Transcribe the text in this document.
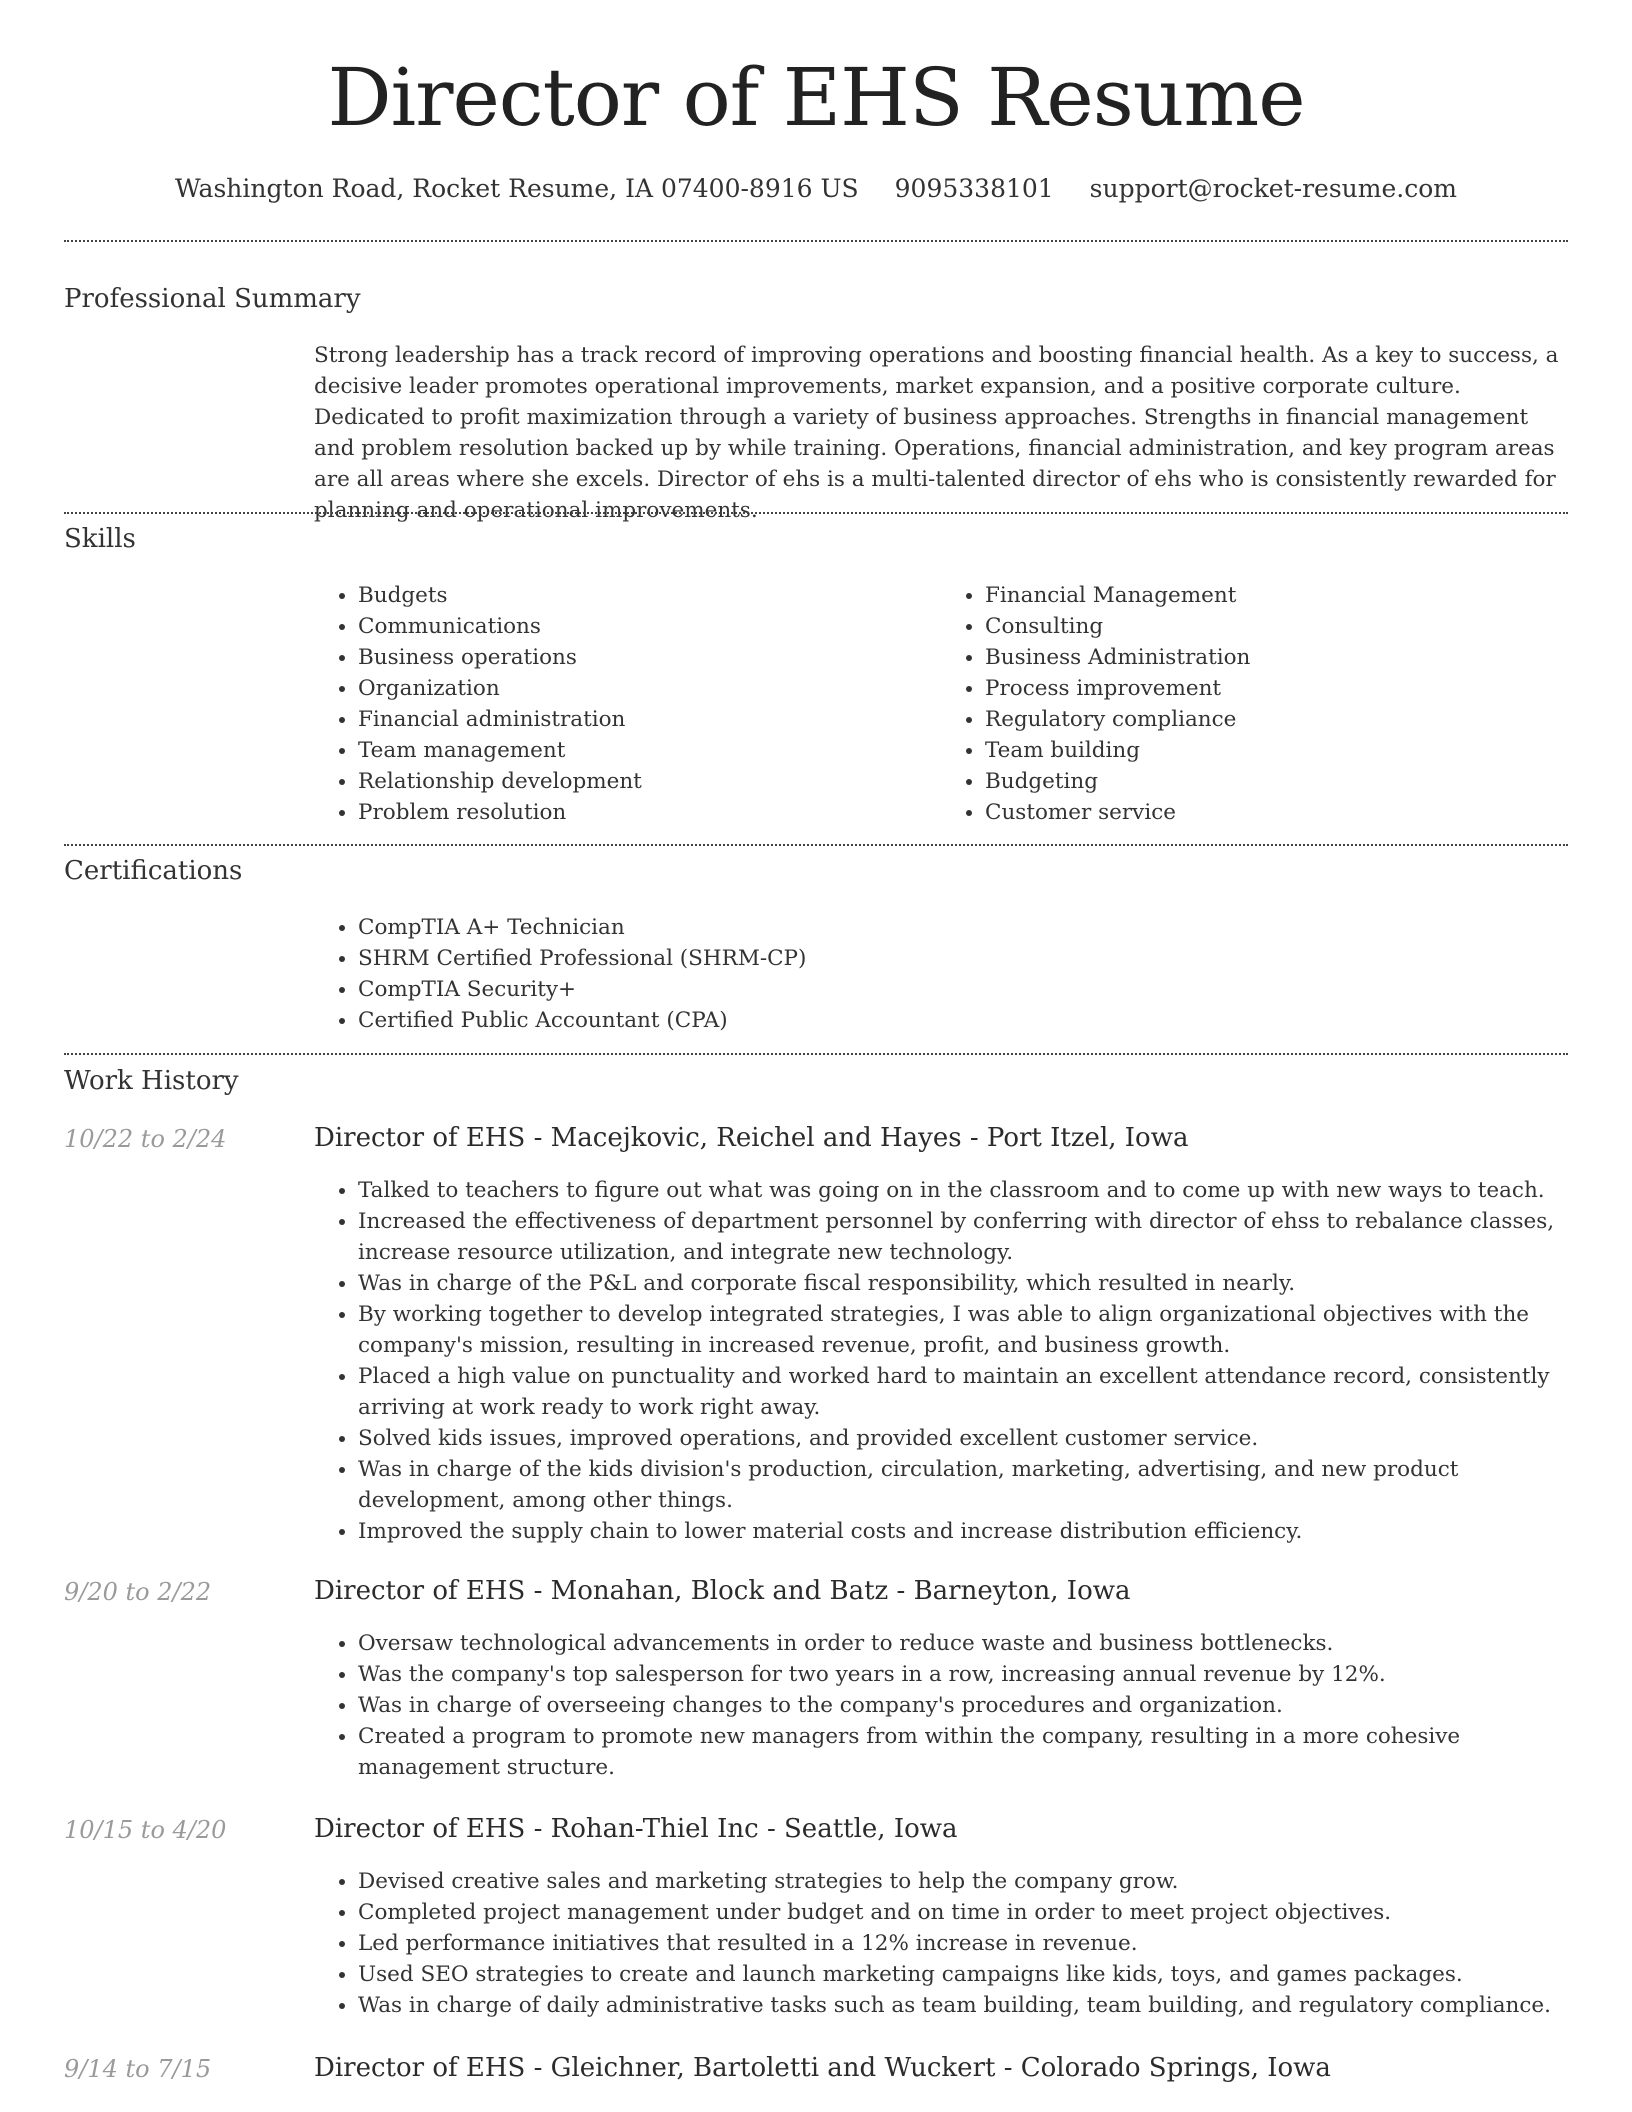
Director of EHS Resume
Washington Road, Rocket Resume, IA 07400-8916 US 9095338101 support@rocket-resume.com
Professional Summary

Strong leadership has a track record of improving operations and boosting financial health. As a key to success, a decisive leader promotes operational improvements, market expansion, and a positive corporate culture. Dedicated to profit maximization through a variety of business approaches. Strengths in financial management and problem resolution backed up by while training. Operations, financial administration, and key program areas are all areas where she excels. Director of ehs is a multi-talented director of ehs who is consistently rewarded for planning and operational improvements.

Skills
• Budgets
• Communications
• Business operations
• Organization
• Financial administration
• Team management
• Relationship development
• Problem resolution
• Financial Management
• Consulting
• Business Administration
• Process improvement
• Regulatory compliance
• Team building
• Budgeting
• Customer service
Certifications
• CompTIA A+ Technician
• SHRM Certified Professional (SHRM-CP)
• CompTIA Security+
• Certified Public Accountant (CPA)
Work History
10/22 to 2/24	Director of EHS - Macejkovic, Reichel and Hayes - Port Itzel, Iowa
• Talked to teachers to figure out what was going on in the classroom and to come up with new ways to teach.
• Increased the effectiveness of department personnel by conferring with director of ehss to rebalance classes, increase resource utilization, and integrate new technology.
• Was in charge of the P&L and corporate fiscal responsibility, which resulted in nearly.
• By working together to develop integrated strategies, I was able to align organizational objectives with the company's mission, resulting in increased revenue, profit, and business growth.
• Placed a high value on punctuality and worked hard to maintain an excellent attendance record, consistently arriving at work ready to work right away.
• Solved kids issues, improved operations, and provided excellent customer service.
• Was in charge of the kids division's production, circulation, marketing, advertising, and new product development, among other things.
• Improved the supply chain to lower material costs and increase distribution efficiency.
9/20 to 2/22	Director of EHS - Monahan, Block and Batz - Barneyton, Iowa
• Oversaw technological advancements in order to reduce waste and business bottlenecks.
• Was the company's top salesperson for two years in a row, increasing annual revenue by 12%.
• Was in charge of overseeing changes to the company's procedures and organization.
• Created a program to promote new managers from within the company, resulting in a more cohesive management structure.
10/15 to 4/20	Director of EHS - Rohan-Thiel Inc - Seattle, Iowa
• Devised creative sales and marketing strategies to help the company grow.
• Completed project management under budget and on time in order to meet project objectives.
• Led performance initiatives that resulted in a 12% increase in revenue.
• Used SEO strategies to create and launch marketing campaigns like kids, toys, and games packages.
• Was in charge of daily administrative tasks such as team building, team building, and regulatory compliance.
9/14 to 7/15	Director of EHS - Gleichner, Bartoletti and Wuckert - Colorado Springs, Iowa
